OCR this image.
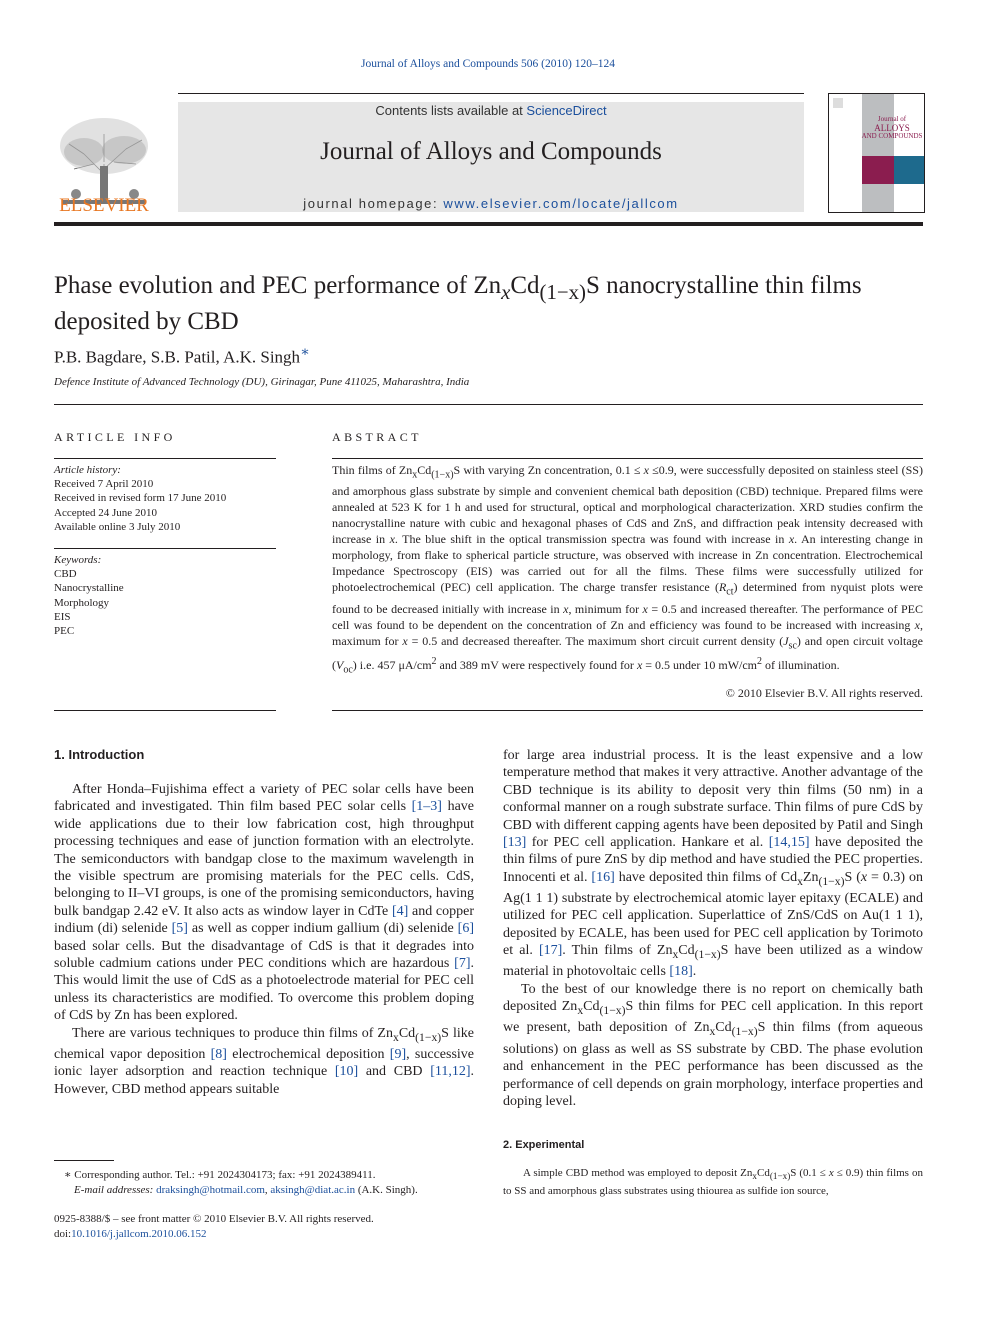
Journal of Alloys and Compounds 506 (2010) 120–124
ELSEVIER
Contents lists available at ScienceDirect
Journal of Alloys and Compounds
journal homepage: www.elsevier.com/locate/jallcom
Journal of
ALLOYS
AND COMPOUNDS
Phase evolution and PEC performance of $Zn_xCd_{(1-x)}S$ nanocrystalline thin films deposited by CBD
P.B. Bagdare, S.B. Patil, A.K. Singh∗
Defence Institute of Advanced Technology (DU), Girinagar, Pune 411025, Maharashtra, India
ARTICLE INFO	ABSTRACT
Article history:
Received 7 April 2010
Received in revised form 17 June 2010
Accepted 24 June 2010
Available online 3 July 2010
Keywords:
CBD
Nanocrystalline
Morphology
EIS
PEC
Thin films of $Zn_xCd_{(1-x)}S$ with varying Zn concentration, 0.1 ≤ x ≤0.9, were successfully deposited on stainless steel (SS) and amorphous glass substrate by simple and convenient chemical bath deposition (CBD) technique. Prepared films were annealed at 523 K for 1 h and used for structural, optical and morphological characterization. XRD studies confirm the nanocrystalline nature with cubic and hexagonal phases of CdS and ZnS, and diffraction peak intensity decreased with increase in x. The blue shift in the optical transmission spectra was found with increase in x. An interesting change in morphology, from flake to spherical particle structure, was observed with increase in Zn concentration. Electrochemical Impedance Spectroscopy (EIS) was carried out for all the films. These films were successfully utilized for photoelectrochemical (PEC) cell application. The charge transfer resistance $(R_{ct})$ determined from nyquist plots were found to be decreased initially with increase in x, minimum for x = 0.5 and increased thereafter. The performance of PEC cell was found to be dependent on the concentration of Zn and efficiency was found to be increased with increasing x, maximum for x = 0.5 and decreased thereafter. The maximum short circuit current density $(J_{sc})$ and open circuit voltage $(V_{oc})$ i.e. 457 $\mu A/cm^2$ and 389 mV were respectively found for x = 0.5 under 10 $mW/cm^2$ of illumination.
© 2010 Elsevier B.V. All rights reserved.
1. Introduction

After Honda–Fujishima effect a variety of PEC solar cells have been fabricated and investigated. Thin film based PEC solar cells [1–3] have wide applications due to their low fabrication cost, high throughput processing techniques and ease of junction formation with an electrolyte. The semiconductors with bandgap close to the maximum wavelength in the visible spectrum are promising materials for the PEC cells. CdS, belonging to II–VI groups, is one of the promising semiconductors, having bulk bandgap 2.42 eV. It also acts as window layer in CdTe [4] and copper indium (di) selenide [5] as well as copper indium gallium (di) selenide [6] based solar cells. But the disadvantage of CdS is that it degrades into soluble cadmium cations under PEC conditions which are hazardous [7]. This would limit the use of CdS as a photoelectrode material for PEC cell unless its characteristics are modified. To overcome this problem doping of CdS by Zn has been explored.

There are various techniques to produce thin films of $Zn_xCd_{(1-x)}S$ like chemical vapor deposition [8] electrochemical deposition [9], successive ionic layer adsorption and reaction technique [10] and CBD [11,12]. However, CBD method appears suitable

for large area industrial process. It is the least expensive and a low temperature method that makes it very attractive. Another advantage of the CBD technique is its ability to deposit very thin films (50 nm) in a conformal manner on a rough substrate surface. Thin films of pure CdS by CBD with different capping agents have been deposited by Patil and Singh [13] for PEC cell application. Hankare et al. [14,15] have deposited the thin films of pure ZnS by dip method and have studied the PEC properties. Innocenti et al. [16] have deposited thin films of $Cd_xZn_{(1-x)}S$ (x = 0.3) on Ag(1 1 1) substrate by electrochemical atomic layer epitaxy (ECALE) and utilized for PEC cell application. Superlattice of ZnS/CdS on Au(1 1 1), deposited by ECALE, has been used for PEC cell application by Torimoto et al. [17]. Thin films of $Zn_xCd_{(1-x)}S$ have been utilized as a window material in photovoltaic cells [18].

To the best of our knowledge there is no report on chemically bath deposited $Zn_xCd_{(1-x)}S$ thin films for PEC cell application. In this report we present, bath deposition of $Zn_xCd_{(1-x)}S$ thin films (from aqueous solutions) on glass as well as SS substrate by CBD. The phase evolution and enhancement in the PEC performance has been discussed as the performance of cell depends on grain morphology, interface properties and doping level.

2. Experimental

A simple CBD method was employed to deposit $Zn_xCd_{(1-x)}S$ (0.1 ≤ x ≤ 0.9) thin films on to SS and amorphous glass substrates using thiourea as sulfide ion source,

∗ Corresponding author. Tel.: +91 2024304173; fax: +91 2024389411.
E-mail addresses: draksingh@hotmail.com, aksingh@diat.ac.in (A.K. Singh).
0925-8388/$ – see front matter © 2010 Elsevier B.V. All rights reserved.
doi:10.1016/j.jallcom.2010.06.152
